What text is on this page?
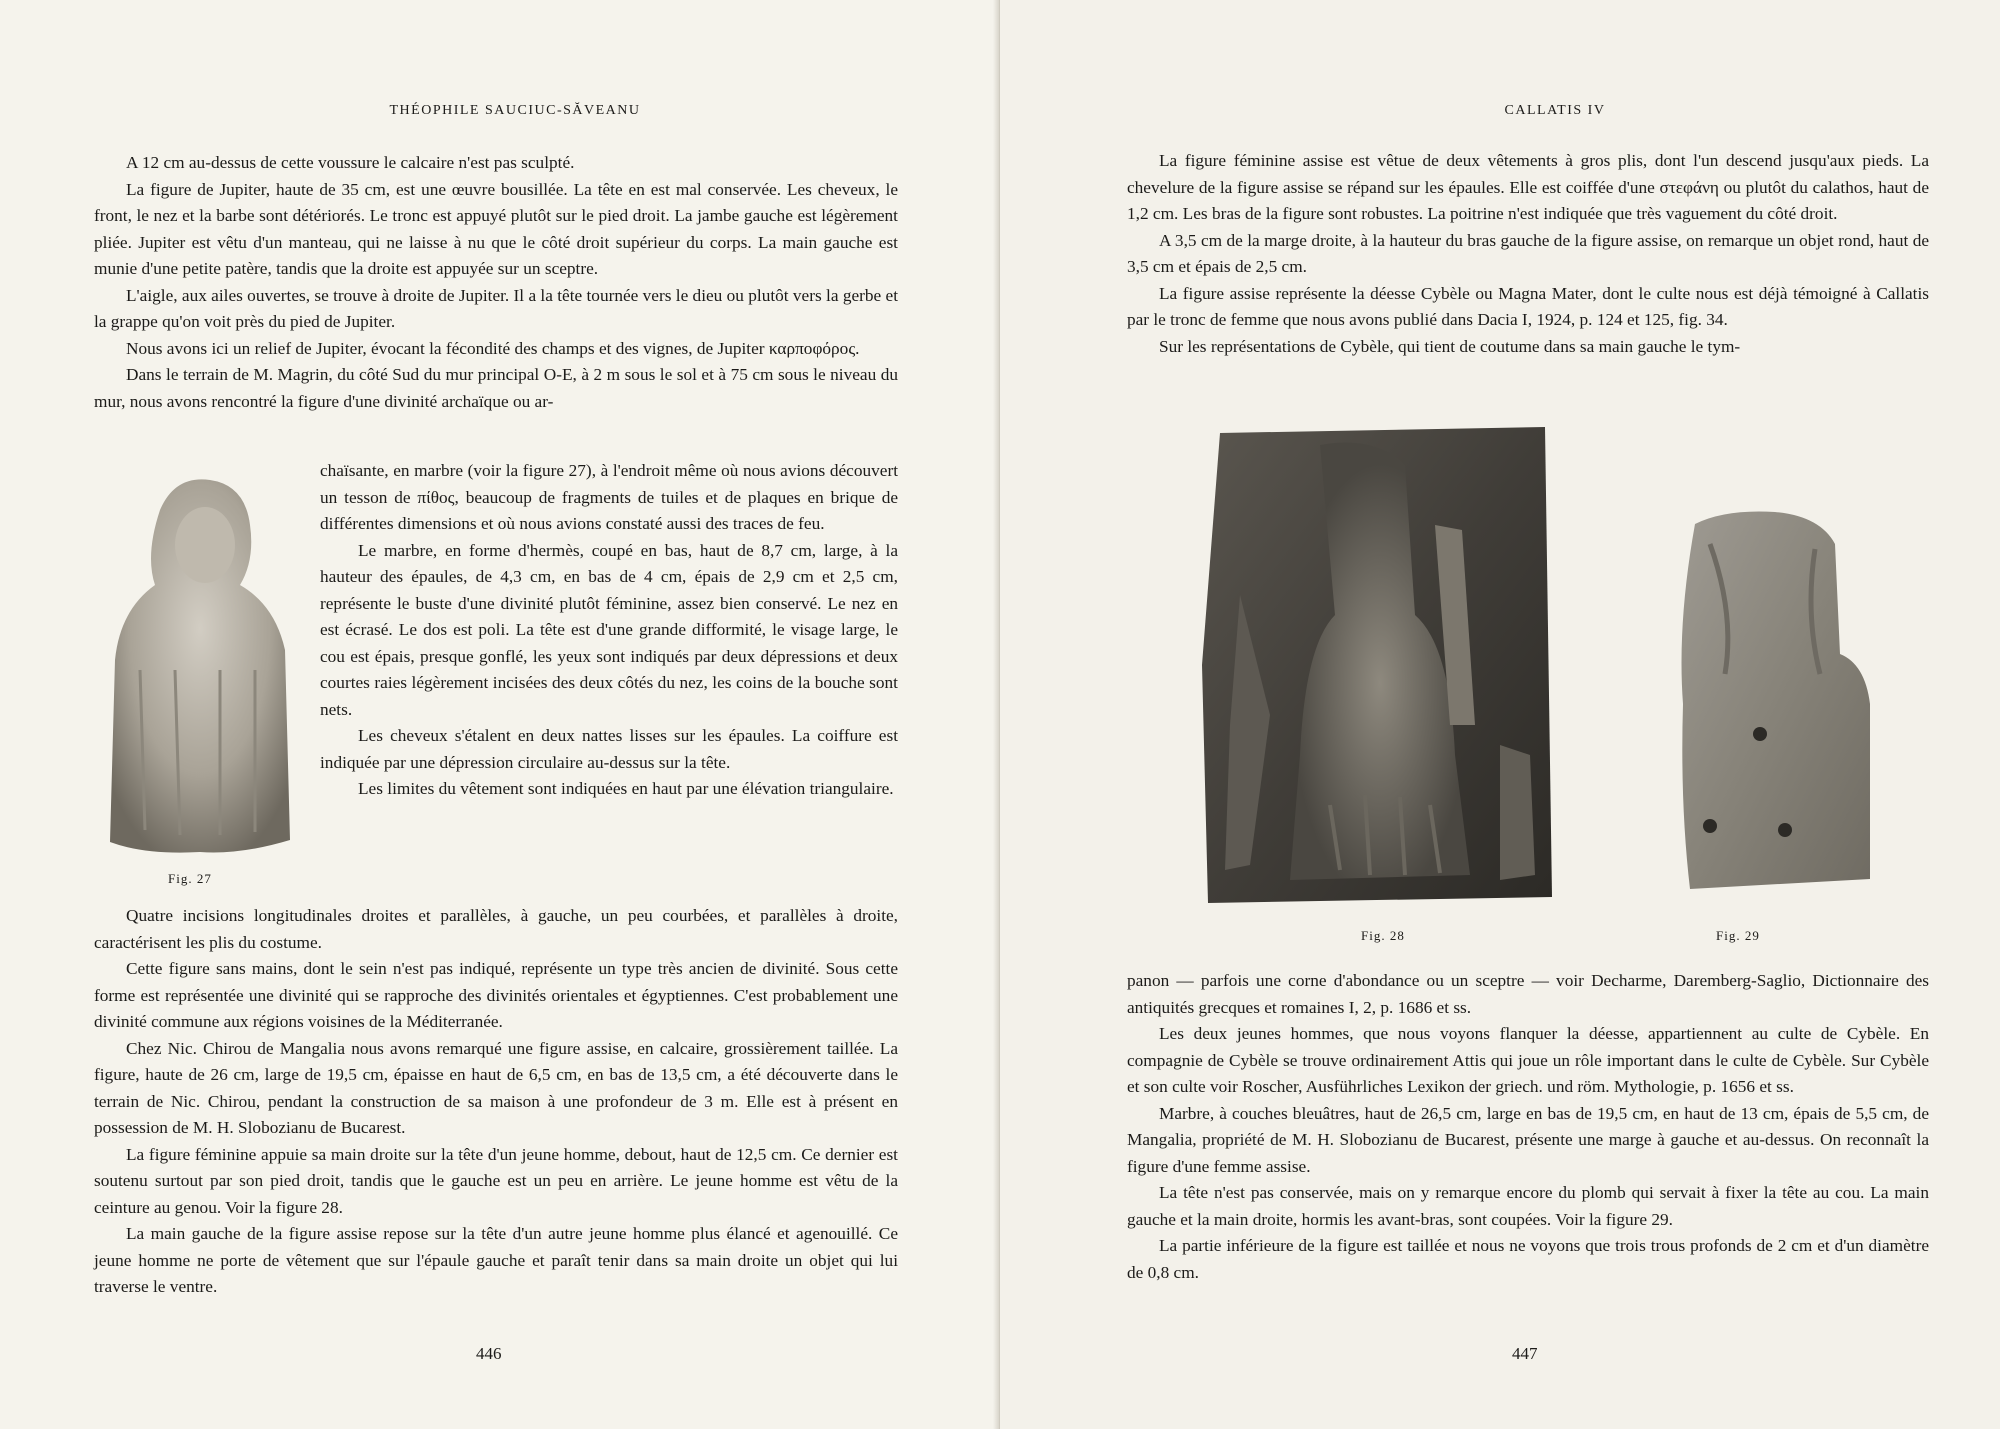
THÉOPHILE SAUCIUC-SĂVEANU

A 12 cm au-dessus de cette voussure le calcaire n'est pas sculpté.

La figure de Jupiter, haute de 35 cm, est une œuvre bousillée. La tête en est mal conservée. Les cheveux, le front, le nez et la barbe sont détériorés. Le tronc est appuyé plutôt sur le pied droit. La jambe gauche est légèrement pliée. Jupiter est vêtu d'un manteau, qui ne laisse à nu que le côté droit supérieur du corps. La main gauche est munie d'une petite patère, tandis que la droite est appuyée sur un sceptre.

L'aigle, aux ailes ouvertes, se trouve à droite de Jupiter. Il a la tête tournée vers le dieu ou plutôt vers la gerbe et la grappe qu'on voit près du pied de Jupiter.

Nous avons ici un relief de Jupiter, évocant la fécondité des champs et des vignes, de Jupiter καρποφόρος.

Dans le terrain de M. Magrin, du côté Sud du mur principal O-E, à 2 m sous le sol et à 75 cm sous le niveau du mur, nous avons rencontré la figure d'une divinité archaïque ou ar-

Fig. 27

chaïsante, en marbre (voir la figure 27), à l'endroit même où nous avions découvert un tesson de πίθος, beaucoup de fragments de tuiles et de plaques en brique de différentes dimensions et où nous avions constaté aussi des traces de feu.

Le marbre, en forme d'hermès, coupé en bas, haut de 8,7 cm, large, à la hauteur des épaules, de 4,3 cm, en bas de 4 cm, épais de 2,9 cm et 2,5 cm, représente le buste d'une divinité plutôt féminine, assez bien conservé. Le nez en est écrasé. Le dos est poli. La tête est d'une grande difformité, le visage large, le cou est épais, presque gonflé, les yeux sont indiqués par deux dépressions et deux courtes raies légèrement incisées des deux côtés du nez, les coins de la bouche sont nets.

Les cheveux s'étalent en deux nattes lisses sur les épaules. La coiffure est indiquée par une dépression circulaire au-dessus sur la tête.

Les limites du vêtement sont indiquées en haut par une élévation triangulaire.

Quatre incisions longitudinales droites et parallèles, à gauche, un peu courbées, et parallèles à droite, caractérisent les plis du costume.

Cette figure sans mains, dont le sein n'est pas indiqué, représente un type très ancien de divinité. Sous cette forme est représentée une divinité qui se rapproche des divinités orientales et égyptiennes. C'est probablement une divinité commune aux régions voisines de la Méditerranée.

Chez Nic. Chirou de Mangalia nous avons remarqué une figure assise, en calcaire, grossièrement taillée. La figure, haute de 26 cm, large de 19,5 cm, épaisse en haut de 6,5 cm, en bas de 13,5 cm, a été découverte dans le terrain de Nic. Chirou, pendant la construction de sa maison à une profondeur de 3 m. Elle est à présent en possession de M. H. Slobozianu de Bucarest.

La figure féminine appuie sa main droite sur la tête d'un jeune homme, debout, haut de 12,5 cm. Ce dernier est soutenu surtout par son pied droit, tandis que le gauche est un peu en arrière. Le jeune homme est vêtu de la ceinture au genou. Voir la figure 28.

La main gauche de la figure assise repose sur la tête d'un autre jeune homme plus élancé et agenouillé. Ce jeune homme ne porte de vêtement que sur l'épaule gauche et paraît tenir dans sa main droite un objet qui lui traverse le ventre.

446
CALLATIS IV

La figure féminine assise est vêtue de deux vêtements à gros plis, dont l'un descend jusqu'aux pieds. La chevelure de la figure assise se répand sur les épaules. Elle est coiffée d'une στεφάνη ou plutôt du calathos, haut de 1,2 cm. Les bras de la figure sont robustes. La poitrine n'est indiquée que très vaguement du côté droit.

A 3,5 cm de la marge droite, à la hauteur du bras gauche de la figure assise, on remarque un objet rond, haut de 3,5 cm et épais de 2,5 cm.

La figure assise représente la déesse Cybèle ou Magna Mater, dont le culte nous est déjà témoigné à Callatis par le tronc de femme que nous avons publié dans Dacia I, 1924, p. 124 et 125, fig. 34.

Sur les représentations de Cybèle, qui tient de coutume dans sa main gauche le tym-

Fig. 28	Fig. 29

panon — parfois une corne d'abondance ou un sceptre — voir Decharme, Daremberg-Saglio, Dictionnaire des antiquités grecques et romaines I, 2, p. 1686 et ss.

Les deux jeunes hommes, que nous voyons flanquer la déesse, appartiennent au culte de Cybèle. En compagnie de Cybèle se trouve ordinairement Attis qui joue un rôle important dans le culte de Cybèle. Sur Cybèle et son culte voir Roscher, Ausführliches Lexikon der griech. und röm. Mythologie, p. 1656 et ss.

Marbre, à couches bleuâtres, haut de 26,5 cm, large en bas de 19,5 cm, en haut de 13 cm, épais de 5,5 cm, de Mangalia, propriété de M. H. Slobozianu de Bucarest, présente une marge à gauche et au-dessus. On reconnaît la figure d'une femme assise.

La tête n'est pas conservée, mais on y remarque encore du plomb qui servait à fixer la tête au cou. La main gauche et la main droite, hormis les avant-bras, sont coupées. Voir la figure 29.

La partie inférieure de la figure est taillée et nous ne voyons que trois trous profonds de 2 cm et d'un diamètre de 0,8 cm.

447
